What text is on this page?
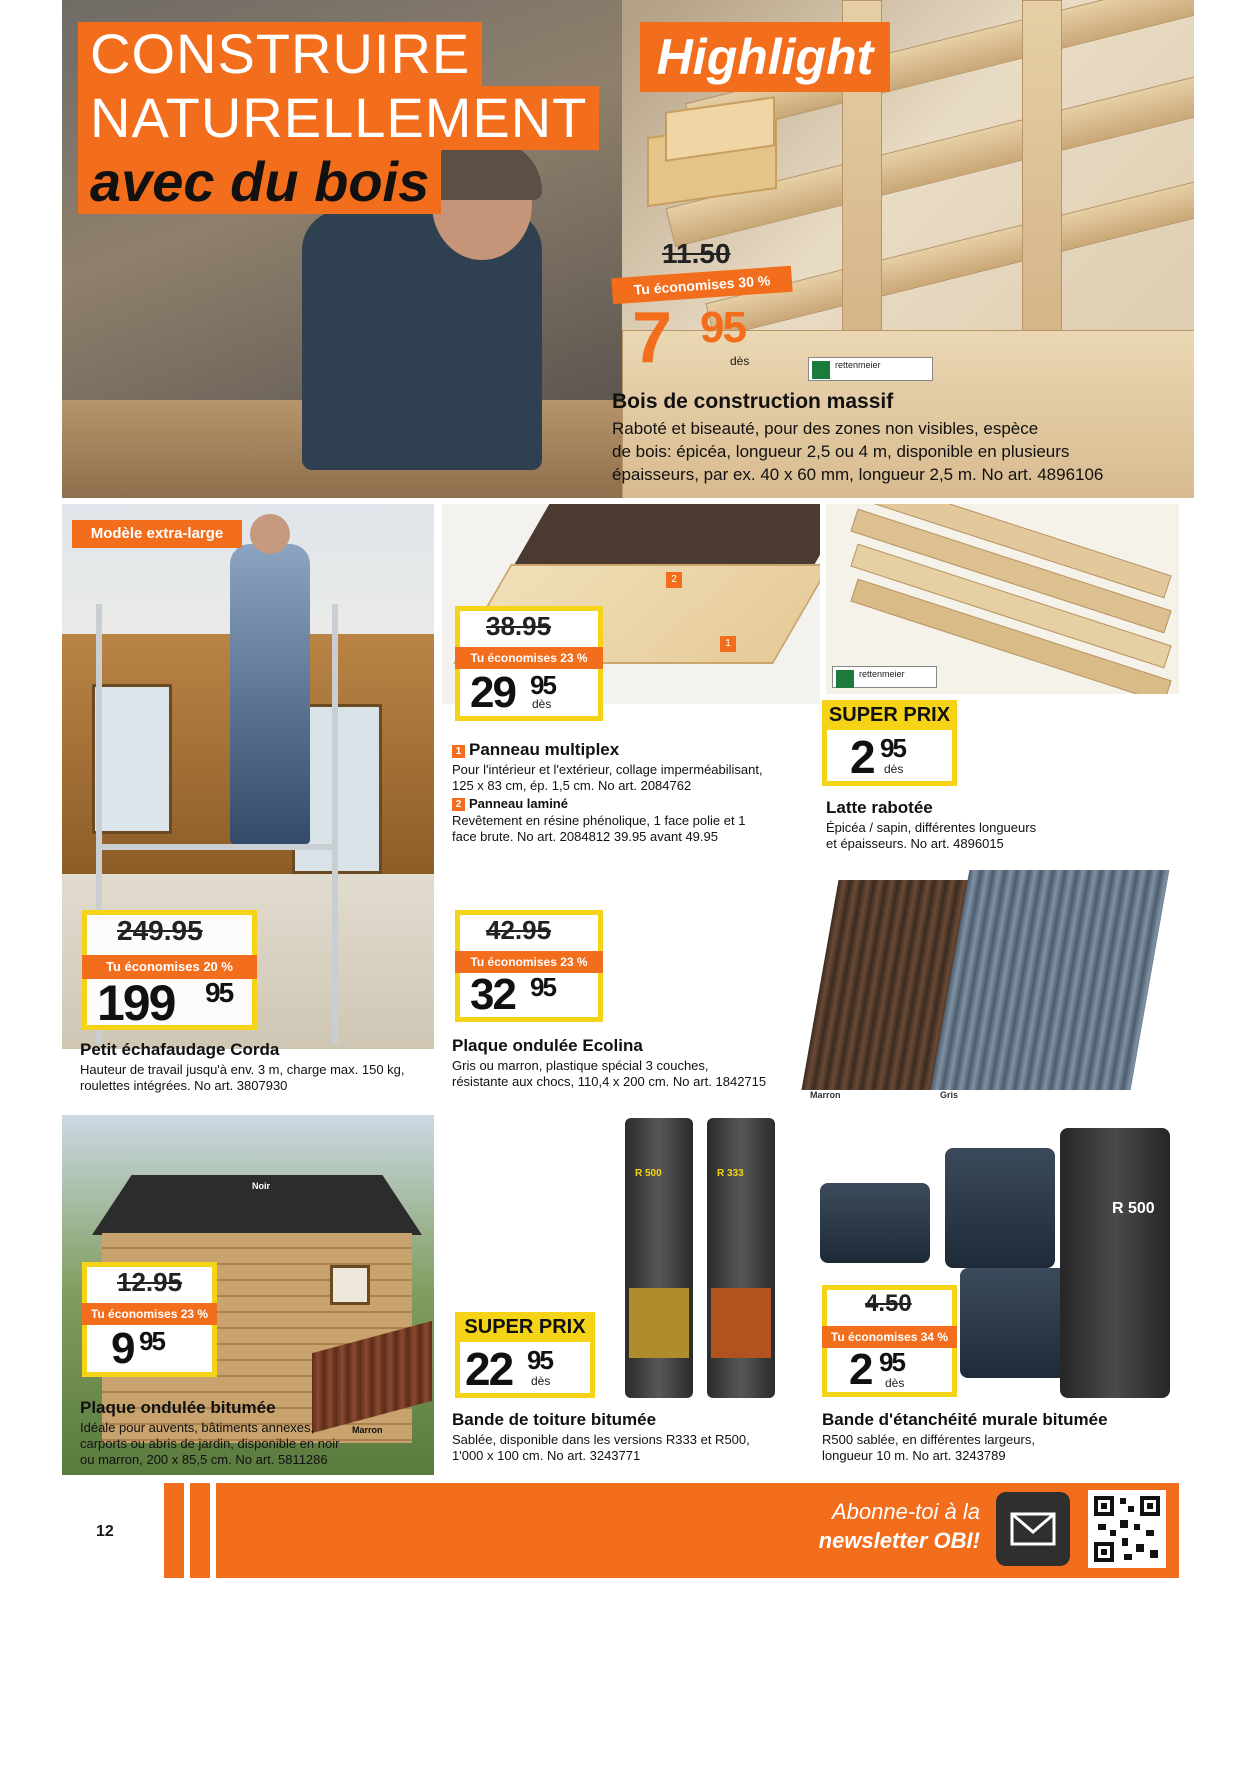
CONSTRUIRE
NATURELLEMENT
avec du bois
Highlight
11.50
Tu économises 30 %
7 95
dès	rettenmeier
Bois de construction massif
Raboté et biseauté, pour des zones non visibles, espèce
de bois: épicéa, longueur 2,5 ou 4 m, disponible en plusieurs
épaisseurs, par ex. 40 x 60 mm, longueur 2,5 m. No art. 4896106
Modèle extra-large
249.95
Tu économises 20 %
199 95
Petit échafaudage Corda
Hauteur de travail jusqu'à env. 3 m, charge max. 150 kg,
roulettes intégrées. No art. 3807930
2
1
38.95
Tu économises 23 %
29 95
dès
1 Panneau multiplex
Pour l'intérieur et l'extérieur, collage imperméabilisant,
125 x 83 cm, ép. 1,5 cm. No art. 2084762
2 Panneau laminé
Revêtement en résine phénolique, 1 face polie et 1
face brute. No art. 2084812 39.95 avant 49.95
rettenmeier
SUPER PRIX
2 95
dès
Latte rabotée
Épicéa / sapin, différentes longueurs
et épaisseurs. No art. 4896015
42.95
Tu économises 23 %
32 95
Plaque ondulée Ecolina
Gris ou marron, plastique spécial 3 couches,
résistante aux chocs, 110,4 x 200 cm. No art. 1842715
Marron	Gris
Noir
Marron
12.95
Tu économises 23 %
9 95
Plaque ondulée bitumée
Idéale pour auvents, bâtiments annexes,
carports ou abris de jardin, disponible en noir
ou marron, 200 x 85,5 cm. No art. 5811286
R 500	R 333
SUPER PRIX
22 95
dès
Bande de toiture bitumée
Sablée, disponible dans les versions R333 et R500,
1'000 x 100 cm. No art. 3243771
R 500
4.50
Tu économises 34 %
2 95
dès
Bande d'étanchéité murale bitumée
R500 sablée, en différentes largeurs,
longueur 10 m. No art. 3243789
12
Abonne-toi à la
newsletter OBI!
